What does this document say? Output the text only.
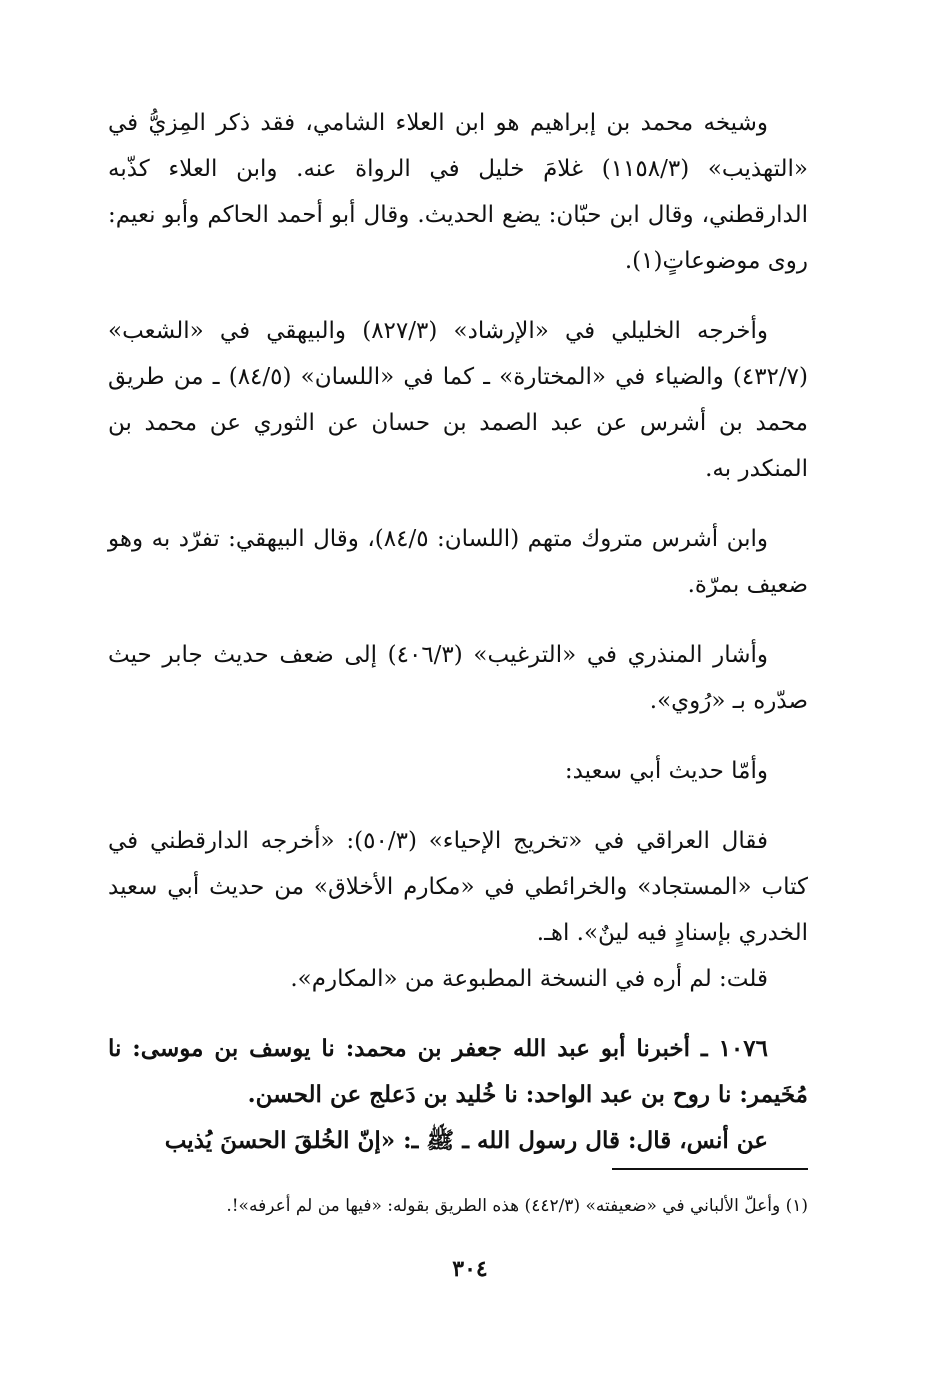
وشيخه محمد بن إبراهيم هو ابن العلاء الشامي، فقد ذكر المِزيُّ في «التهذيب» (١١٥٨/٣) غلامَ خليل في الرواة عنه. وابن العلاء كذّبه الدارقطني، وقال ابن حبّان: يضع الحديث. وقال أبو أحمد الحاكم وأبو نعيم: روى موضوعاتٍ(١).

وأخرجه الخليلي في «الإرشاد» (٨٢٧/٣) والبيهقي في «الشعب» (٤٣٢/٧) والضياء في «المختارة» ـ كما في «اللسان» (٨٤/٥) ـ من طريق محمد بن أشرس عن عبد الصمد بن حسان عن الثوري عن محمد بن المنكدر به.

وابن أشرس متروك متهم (اللسان: ٨٤/٥)، وقال البيهقي: تفرّد به وهو ضعيف بمرّة.

وأشار المنذري في «الترغيب» (٤٠٦/٣) إلى ضعف حديث جابر حيث صدّره بـ «رُوي».

وأمّا حديث أبي سعيد:

فقال العراقي في «تخريج الإحياء» (٥٠/٣): «أخرجه الدارقطني في كتاب «المستجاد» والخرائطي في «مكارم الأخلاق» من حديث أبي سعيد الخدري بإسنادٍ فيه لينٌ». اهـ.

قلت: لم أره في النسخة المطبوعة من «المكارم».

١٠٧٦ ـ أخبرنا أبو عبد الله جعفر بن محمد: نا يوسف بن موسى: نا مُخَيمر: نا روح بن عبد الواحد: نا خُليد بن دَعلج عن الحسن.

عن أنس، قال: قال رسول الله ـ ﷺ ـ: «إنّ الخُلقَ الحسنَ يُذيب

(١) وأعلّ الألباني في «ضعيفته» (٤٤٢/٣) هذه الطريق بقوله: «فيها من لم أعرفه»!.
٣٠٤
